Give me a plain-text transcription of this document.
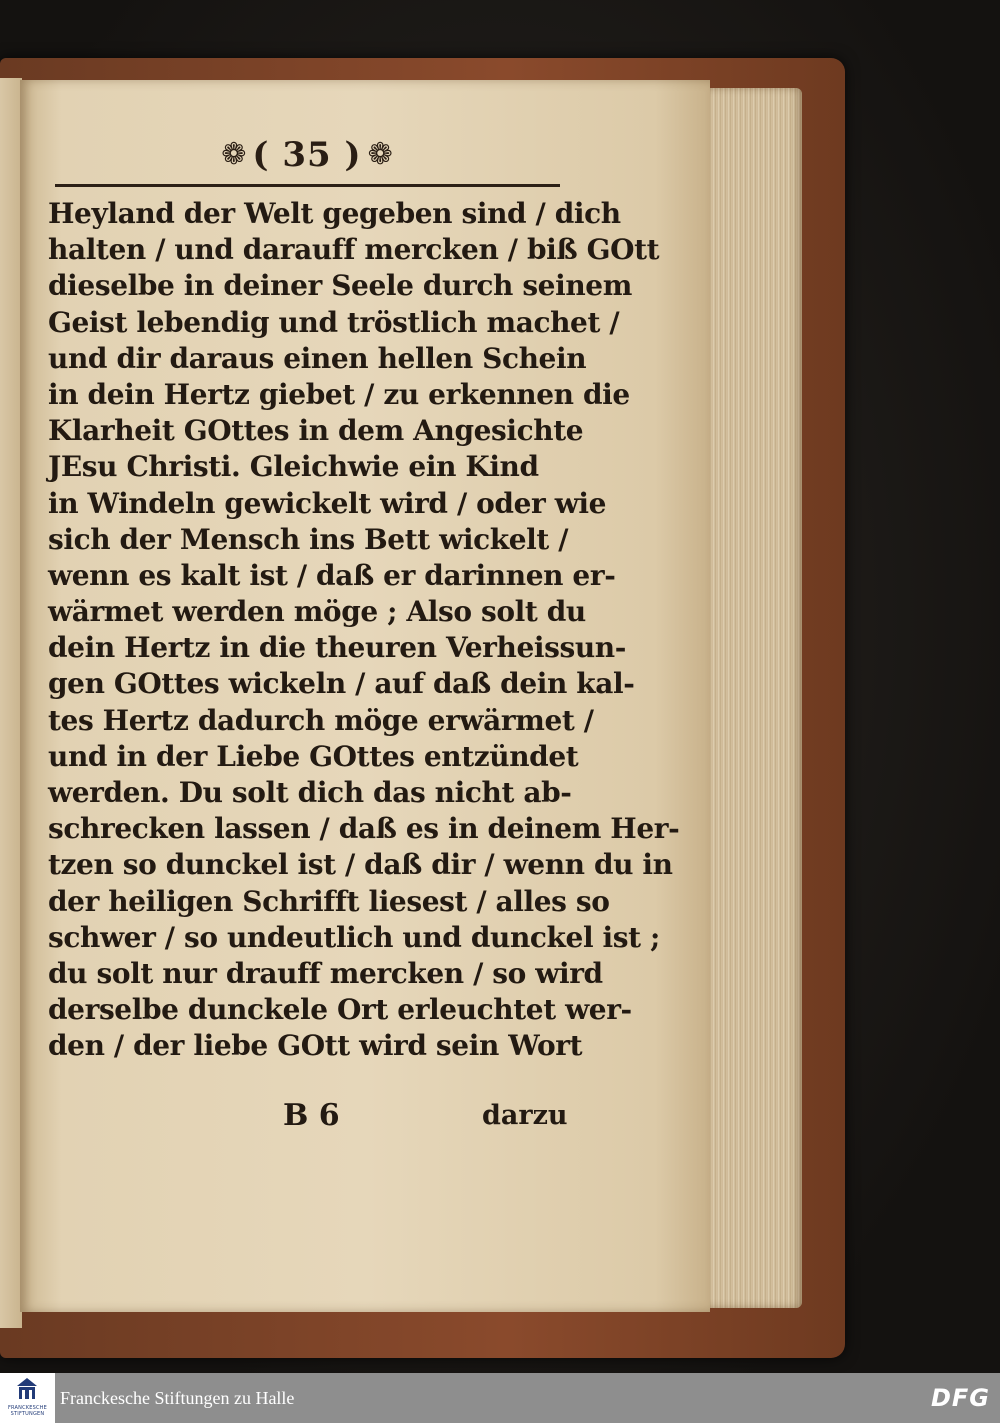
❁ ( 35 ) ❁
Heyland der Welt gegeben sind / dich
halten / und darauff mercken / biß GOtt
dieselbe in deiner Seele durch seinem
Geist lebendig und tröstlich machet /
und dir daraus einen hellen Schein
in dein Hertz giebet / zu erkennen die
Klarheit GOttes in dem Angesichte
JEsu Christi. Gleichwie ein Kind
in Windeln gewickelt wird / oder wie
sich der Mensch ins Bett wickelt /
wenn es kalt ist / daß er darinnen er-
wärmet werden möge ; Also solt du
dein Hertz in die theuren Verheissun-
gen GOttes wickeln / auf daß dein kal-
tes Hertz dadurch möge erwärmet /
und in der Liebe GOttes entzündet
werden. Du solt dich das nicht ab-
schrecken lassen / daß es in deinem Her-
tzen so dunckel ist / daß dir / wenn du in
der heiligen Schrifft liesest / alles so
schwer / so undeutlich und dunckel ist ;
du solt nur drauff mercken / so wird
derselbe dunckele Ort erleuchtet wer-
den / der liebe GOtt wird sein Wort
B 6	darzu
FRANCKESCHE
STIFTUNGEN
Franckesche Stiftungen zu Halle	DFG
